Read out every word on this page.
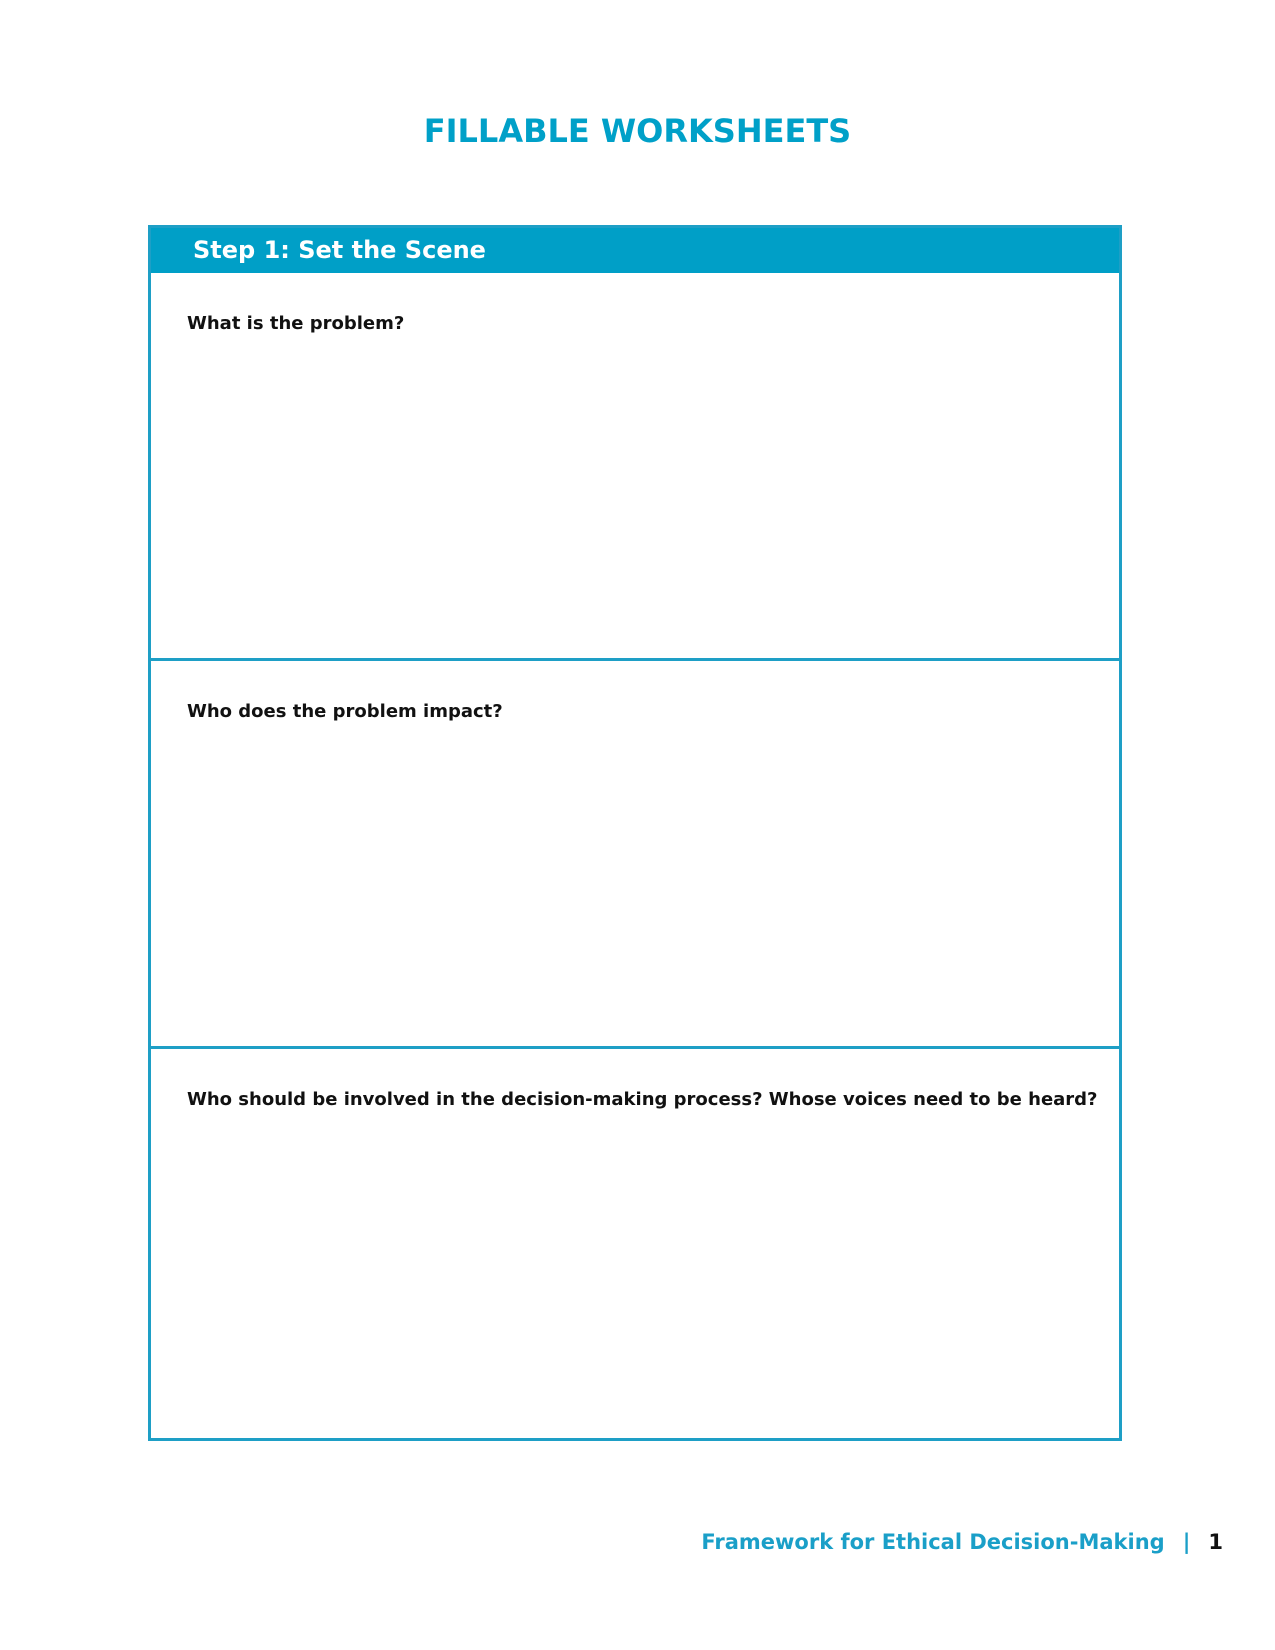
FILLABLE WORKSHEETS
Step 1: Set the Scene

What is the problem?

Who does the problem impact?

Who should be involved in the decision-making process? Whose voices need to be heard?

Framework for Ethical Decision-Making | 1
